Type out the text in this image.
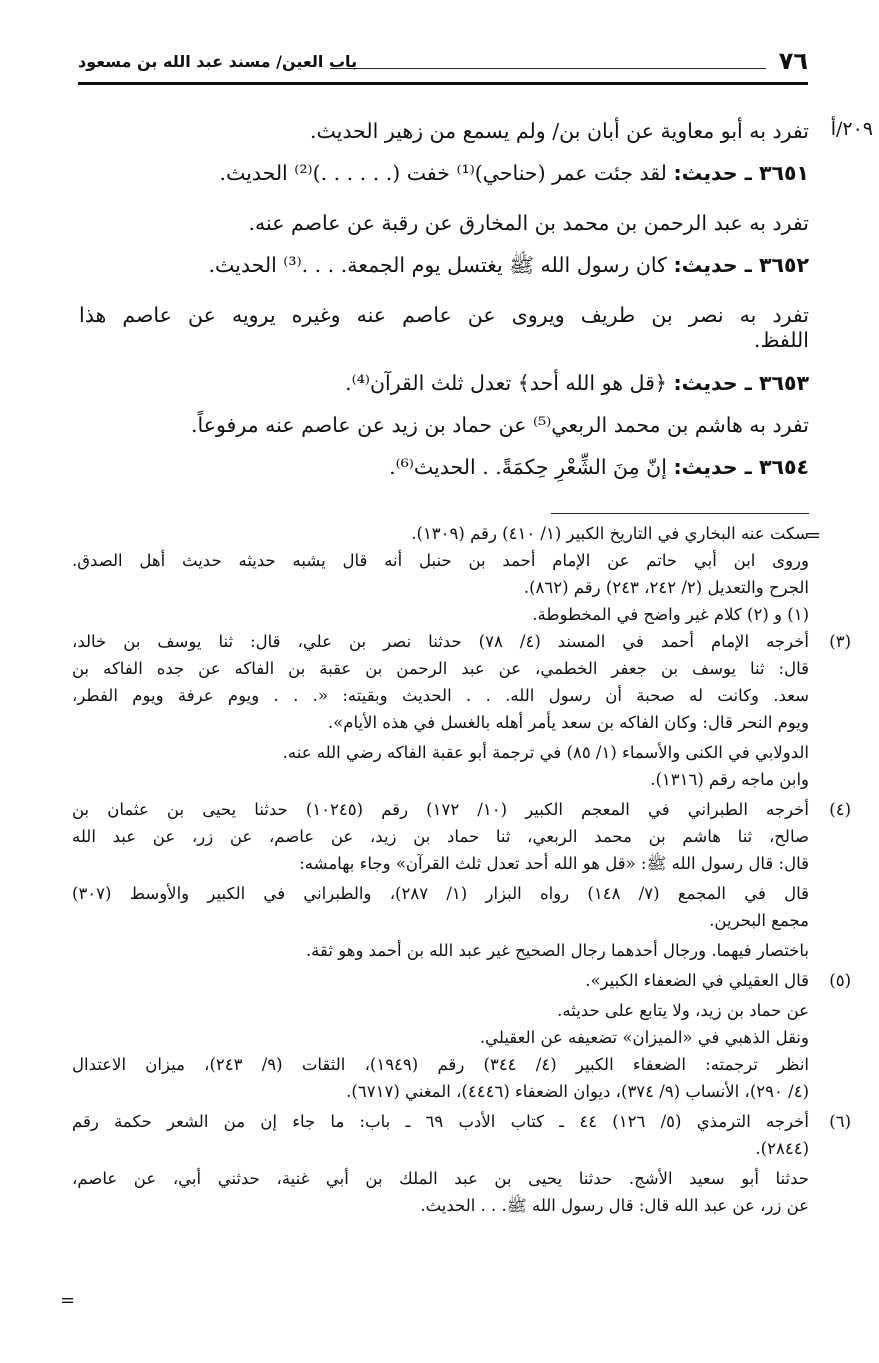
٧٦
باب العين/ مسند عبد الله بن مسعود
٢٠٩/أ
تفرد به أبو معاوية عن أبان بن/ ولم يسمع من زهير الحديث.
٣٦٥١ ـ حديث: لقد جئت عمر (حناحي)⁽¹⁾ خفت (. . . . . .)⁽²⁾ الحديث.
تفرد به عبد الرحمن بن محمد بن المخارق عن رقبة عن عاصم عنه.
٣٦٥٢ ـ حديث: كان رسول الله ﷺ يغتسل يوم الجمعة. . . .⁽³⁾ الحديث.
تفرد به نصر بن طريف ويروى عن عاصم عنه وغيره يرويه عن عاصم هذا
اللفظ.
٣٦٥٣ ـ حديث: ﴿قل هو الله أحد﴾ تعدل ثلث القرآن⁽⁴⁾.
تفرد به هاشم بن محمد الربعي⁽⁵⁾ عن حماد بن زيد عن عاصم عنه مرفوعاً.
٣٦٥٤ ـ حديث: إنّ مِنَ الشِّعْرِ حِكمَةً. . الحديث⁽⁶⁾.
=
سكت عنه البخاري في التاريخ الكبير (١/ ٤١٠) رقم (١٣٠٩).
وروى ابن أبي حاتم عن الإمام أحمد بن حنبل أنه قال يشبه حديثه حديث أهل الصدق.
الجرح والتعديل (٢/ ٢٤٢، ٢٤٣) رقم (٨٦٢).
(١) و (٢) كلام غير واضح في المخطوطة.
(٣)
أخرجه الإمام أحمد في المسند (٤/ ٧٨) حدثنا نصر بن علي، قال: ثنا يوسف بن خالد،
قال: ثنا يوسف بن جعفر الخطمي، عن عبد الرحمن بن عقبة بن الفاكه عن جده الفاكه بن
سعد. وكانت له صحبة أن رسول الله. . . الحديث وبقيته: «. . . ويوم عرفة ويوم الفطر،
ويوم النحر قال: وكان الفاكه بن سعد يأمر أهله بالغسل في هذه الأيام».
الدولابي في الكنى والأسماء (١/ ٨٥) في ترجمة أبو عقبة الفاكه رضي الله عنه.
وابن ماجه رقم (١٣١٦).
(٤)
أخرجه الطبراني في المعجم الكبير (١٠/ ١٧٢) رقم (١٠٢٤٥) حدثنا يحيى بن عثمان بن
صالح، ثنا هاشم بن محمد الربعي، ثنا حماد بن زيد، عن عاصم، عن زر، عن عبد الله
قال: قال رسول الله ﷺ: «قل هو الله أحد تعدل ثلث القرآن» وجاء بهامشه:
قال في المجمع (٧/ ١٤٨) رواه البزار (١/ ٢٨٧)، والطبراني في الكبير والأوسط (٣٠٧)
مجمع البحرين.
باختصار فيهما. ورجال أحدهما رجال الصحيح غير عبد الله بن أحمد وهو ثقة.
(٥)
قال العقيلي في الضعفاء الكبير».
عن حماد بن زيد، ولا يتابع على حديثه.
ونقل الذهبي في «الميزان» تضعيفه عن العقيلي.
انظر ترجمته: الضعفاء الكبير (٤/ ٣٤٤) رقم (١٩٤٩)، الثقات (٩/ ٢٤٣)، ميزان الاعتدال
(٤/ ٢٩٠)، الأنساب (٩/ ٣٧٤)، ديوان الضعفاء (٤٤٤٦)، المغني (٦٧١٧).
(٦)
أخرجه الترمذي (٥/ ١٢٦) ٤٤ ـ كتاب الأدب ٦٩ ـ باب: ما جاء إن من الشعر حكمة رقم
(٢٨٤٤).
حدثنا أبو سعيد الأشج. حدثنا يحيى بن عبد الملك بن أبي غنية، حدثني أبي، عن عاصم،
عن زر، عن عبد الله قال: قال رسول الله ﷺ. . . الحديث.
=
